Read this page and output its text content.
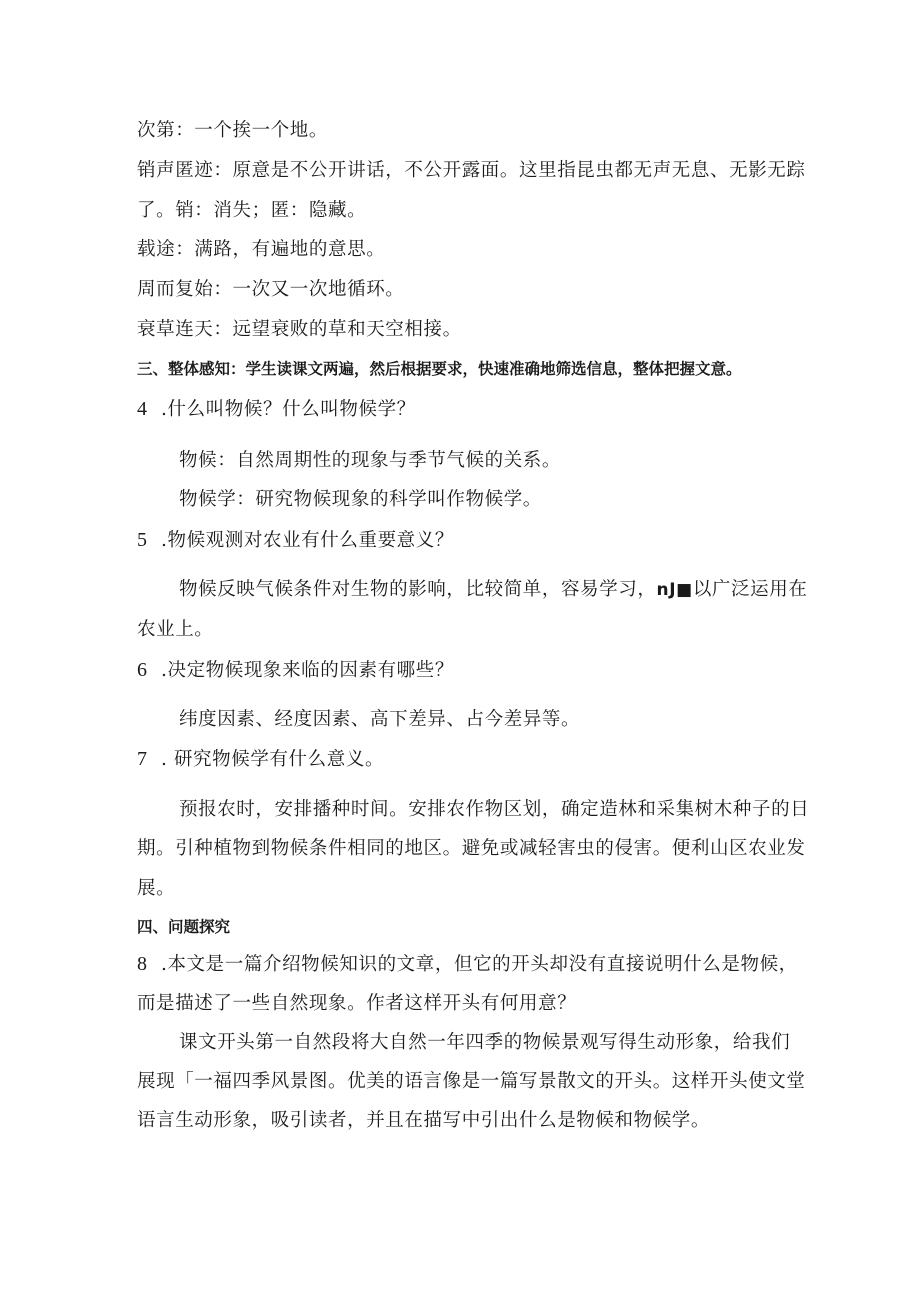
次第：一个挨一个地。
销声匿迹：原意是不公开讲话，不公开露面。这里指昆虫都无声无息、无影无踪
了。销：消失；匿：隐藏。
载途：满路，有遍地的意思。
周而复始：一次又一次地循环。
衰草连天：远望衰败的草和天空相接。
三、整体感知：学生读课文两遍，然后根据要求，快速准确地筛选信息，整体把握文意。
4 .什么叫物候？什么叫物候学？
物候：自然周期性的现象与季节气候的关系。
物候学：研究物候现象的科学叫作物候学。
5 .物候观测对农业有什么重要意义？
物候反映气候条件对生物的影响，比较简单，容易学习，nJ■以广泛运用在
农业上。
6 .决定物候现象来临的因素有哪些？
纬度因素、经度因素、高下差异、占今差异等。
7 . 研究物候学有什么意义。
预报农时，安排播种时间。安排农作物区划，确定造林和采集树木种子的日
期。引种植物到物候条件相同的地区。避免或减轻害虫的侵害。便利山区农业发
展。
四、问题探究
8 .本文是一篇介绍物候知识的文章，但它的开头却没有直接说明什么是物候，
而是描述了一些自然现象。作者这样开头有何用意？
课文开头第一自然段将大自然一年四季的物候景观写得生动形象，给我们
展现「一福四季风景图。优美的语言像是一篇写景散文的开头。这样开头使文堂
语言生动形象，吸引读者，并且在描写中引出什么是物候和物候学。
